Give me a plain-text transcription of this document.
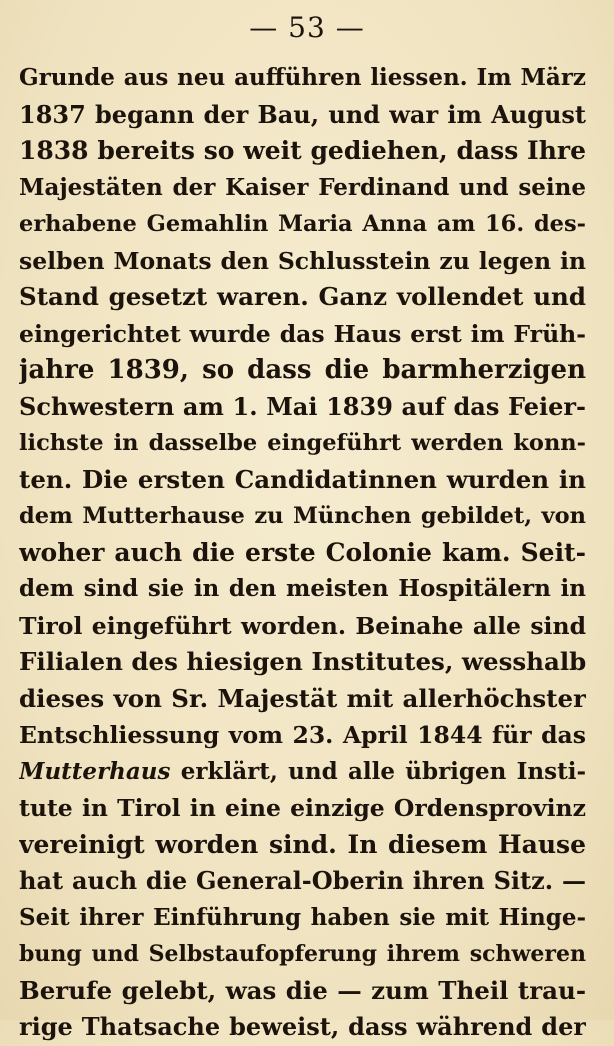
— 53 —
Grunde aus neu aufführen liessen. Im März
1837 begann der Bau, und war im August
1838 bereits so weit gediehen, dass Ihre
Majestäten der Kaiser Ferdinand und seine
erhabene Gemahlin Maria Anna am 16. des-
selben Monats den Schlusstein zu legen in
Stand gesetzt waren. Ganz vollendet und
eingerichtet wurde das Haus erst im Früh-
jahre 1839, so dass die barmherzigen
Schwestern am 1. Mai 1839 auf das Feier-
lichste in dasselbe eingeführt werden konn-
ten. Die ersten Candidatinnen wurden in
dem Mutterhause zu München gebildet, von
woher auch die erste Colonie kam. Seit-
dem sind sie in den meisten Hospitälern in
Tirol eingeführt worden. Beinahe alle sind
Filialen des hiesigen Institutes, wesshalb
dieses von Sr. Majestät mit allerhöchster
Entschliessung vom 23. April 1844 für das
Mutterhaus erklärt, und alle übrigen Insti-
tute in Tirol in eine einzige Ordensprovinz
vereinigt worden sind. In diesem Hause
hat auch die General-Oberin ihren Sitz. —
Seit ihrer Einführung haben sie mit Hinge-
bung und Selbstaufopferung ihrem schweren
Berufe gelebt, was die — zum Theil trau-
rige Thatsache beweist, dass während der
